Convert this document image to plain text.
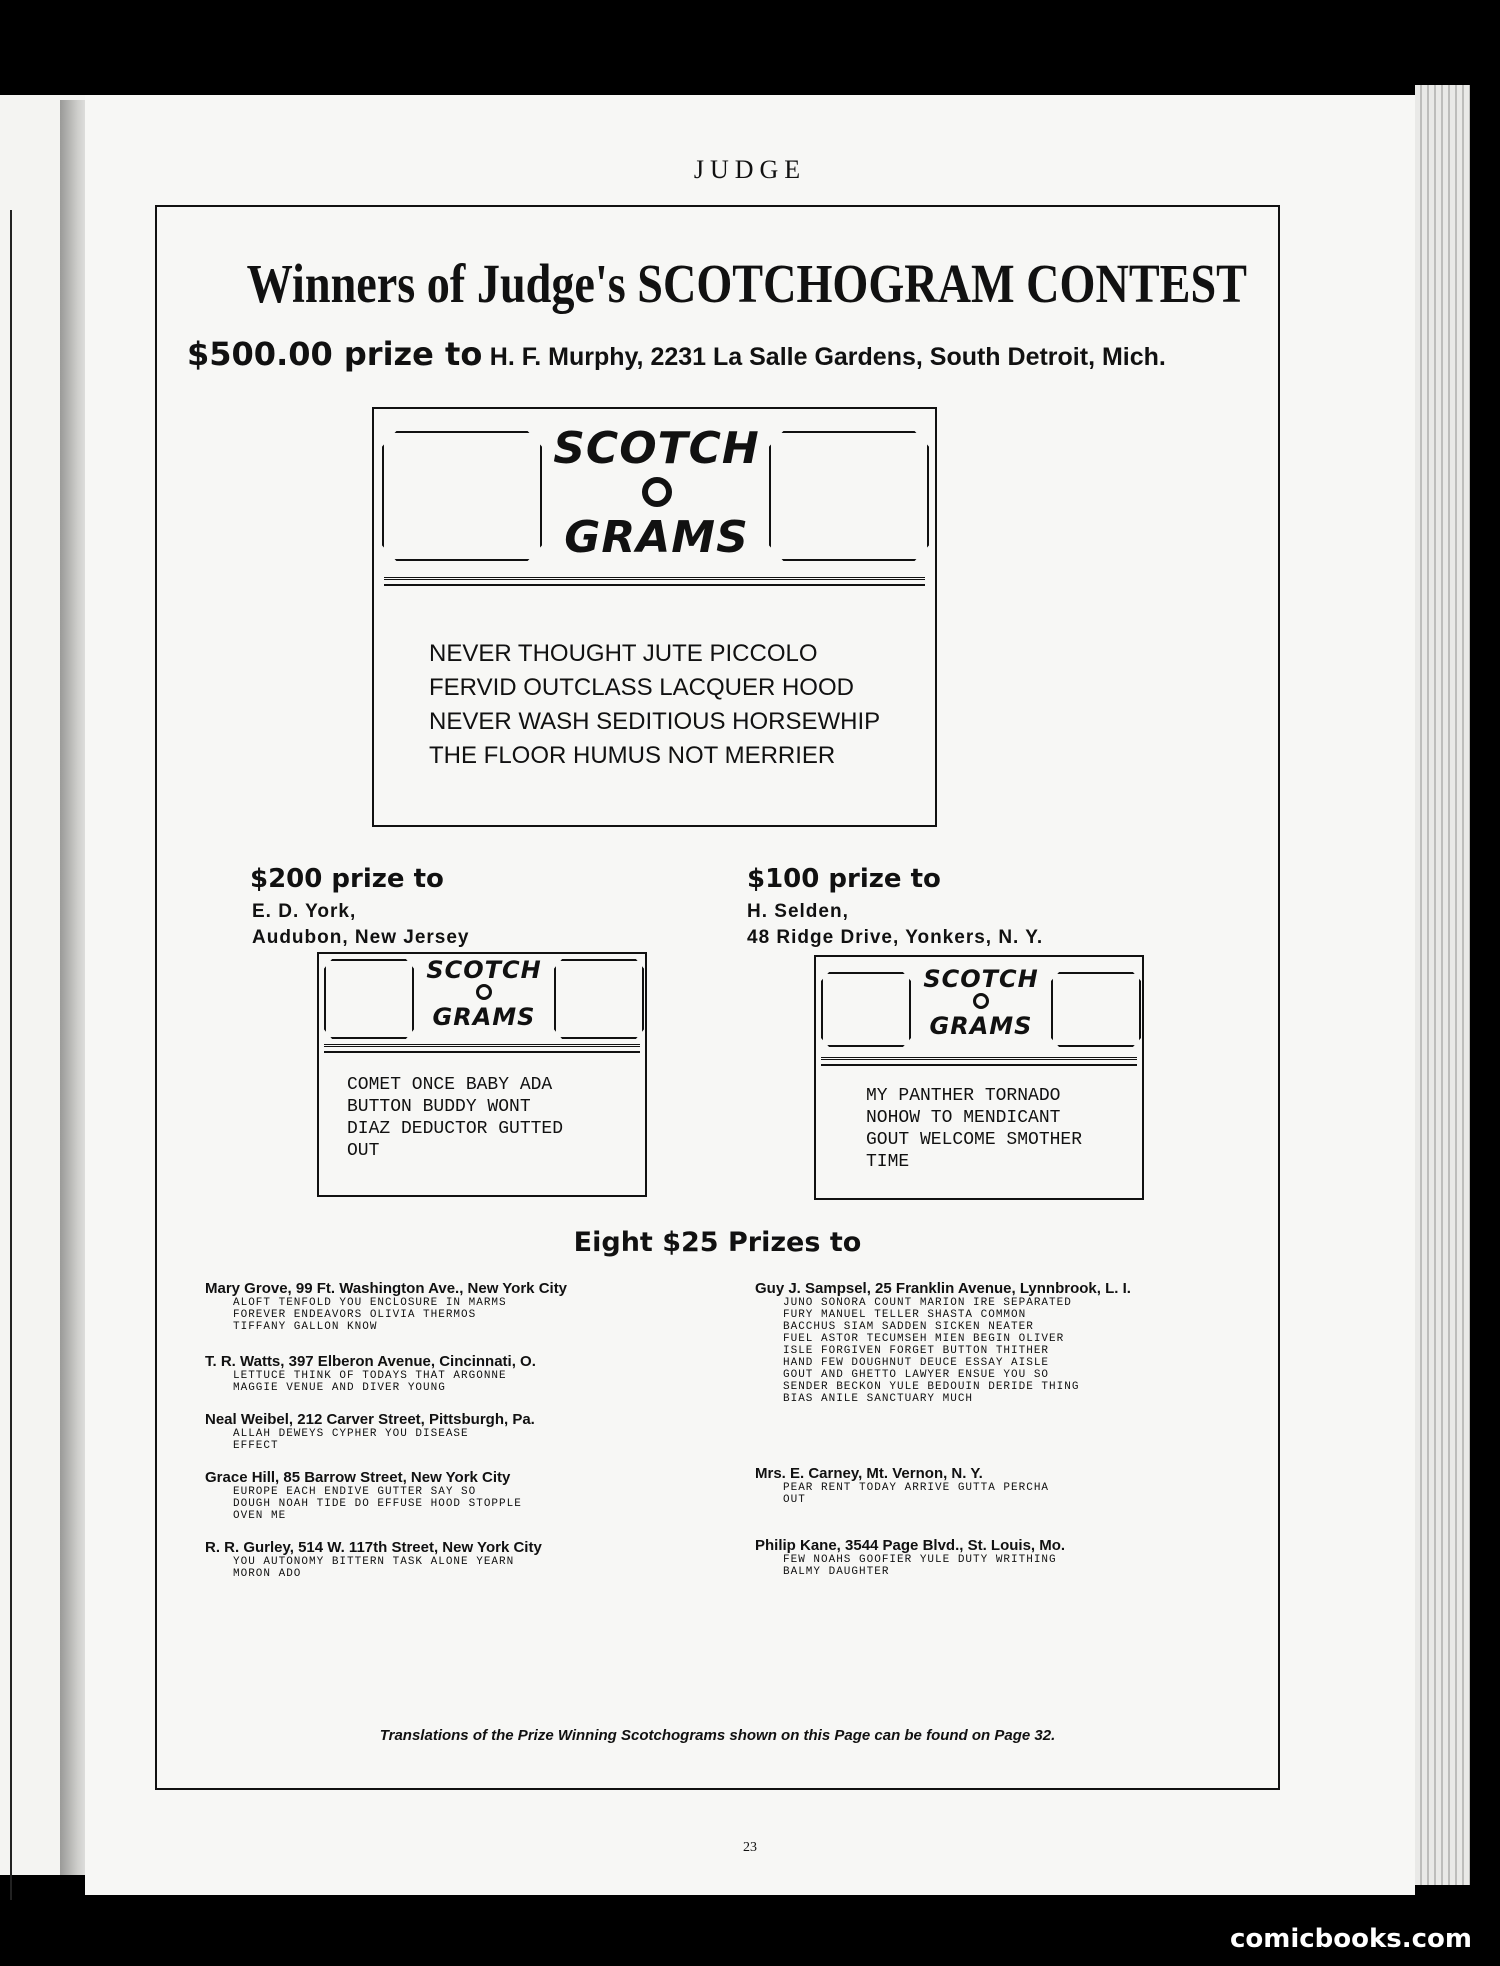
JUDGE
Winners of Judge's SCOTCHOGRAM CONTEST
$500.00 prize to H. F. Murphy, 2231 La Salle Gardens, South Detroit, Mich.
SCOTCH
GRAMS
NEVER THOUGHT JUTE PICCOLO
FERVID OUTCLASS LACQUER HOOD
NEVER WASH SEDITIOUS HORSEWHIP
THE FLOOR HUMUS NOT MERRIER
$200 prize to
E. D. York,
Audubon, New Jersey
SCOTCH
GRAMS
COMET ONCE BABY ADA
BUTTON BUDDY WONT
DIAZ DEDUCTOR GUTTED
OUT
$100 prize to
H. Selden,
48 Ridge Drive, Yonkers, N. Y.
SCOTCH
GRAMS
MY PANTHER TORNADO
NOHOW TO MENDICANT
GOUT WELCOME SMOTHER
TIME
Eight $25 Prizes to
Mary Grove, 99 Ft. Washington Ave., New York City
ALOFT TENFOLD YOU ENCLOSURE IN MARMS
FOREVER ENDEAVORS OLIVIA THERMOS
TIFFANY GALLON KNOW
T. R. Watts, 397 Elberon Avenue, Cincinnati, O.
LETTUCE THINK OF TODAYS THAT ARGONNE
MAGGIE VENUE AND DIVER YOUNG
Neal Weibel, 212 Carver Street, Pittsburgh, Pa.
ALLAH DEWEYS CYPHER YOU DISEASE
EFFECT
Grace Hill, 85 Barrow Street, New York City
EUROPE EACH ENDIVE GUTTER SAY SO
DOUGH NOAH TIDE DO EFFUSE HOOD STOPPLE
OVEN ME
R. R. Gurley, 514 W. 117th Street, New York City
YOU AUTONOMY BITTERN TASK ALONE YEARN
MORON ADO
Guy J. Sampsel, 25 Franklin Avenue, Lynnbrook, L. I.
JUNO SONORA COUNT MARION IRE SEPARATED
FURY MANUEL TELLER SHASTA COMMON
BACCHUS SIAM SADDEN SICKEN NEATER
FUEL ASTOR TECUMSEH MIEN BEGIN OLIVER
ISLE FORGIVEN FORGET BUTTON THITHER
HAND FEW DOUGHNUT DEUCE ESSAY AISLE
GOUT AND GHETTO LAWYER ENSUE YOU SO
SENDER BECKON YULE BEDOUIN DERIDE THING
BIAS ANILE SANCTUARY MUCH
Mrs. E. Carney, Mt. Vernon, N. Y.
PEAR RENT TODAY ARRIVE GUTTA PERCHA
OUT
Philip Kane, 3544 Page Blvd., St. Louis, Mo.
FEW NOAHS GOOFIER YULE DUTY WRITHING
BALMY DAUGHTER
Translations of the Prize Winning Scotchograms shown on this Page can be found on Page 32.
23
comicbooks.com
